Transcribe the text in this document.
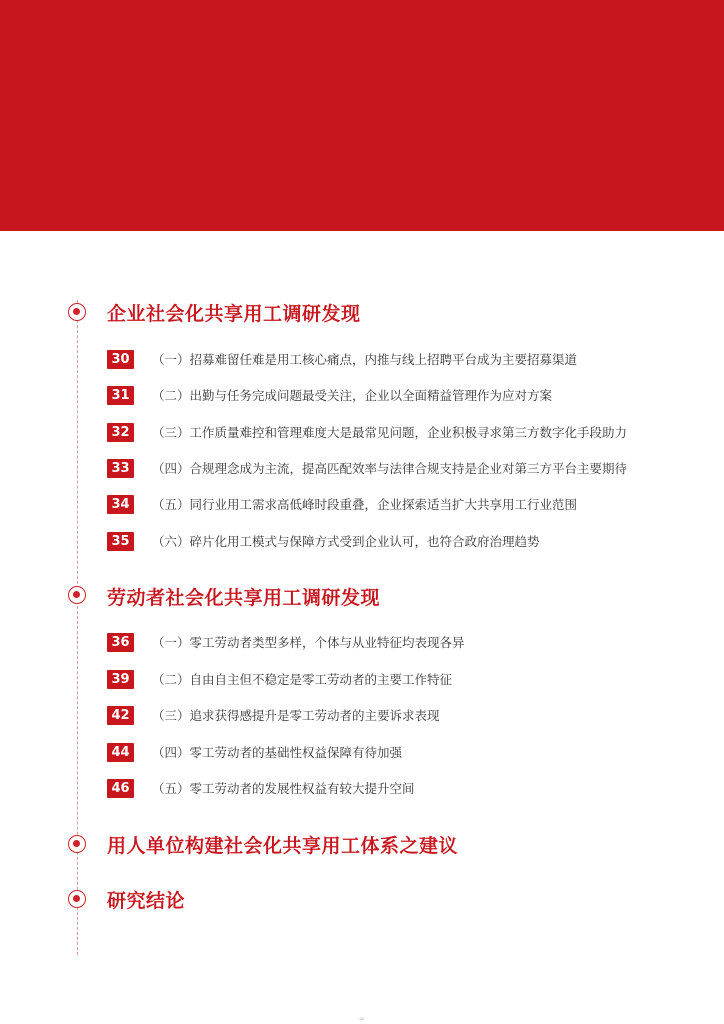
企业社会化共享用工调研发现
30	（一）招募难留任难是用工核心痛点，内推与线上招聘平台成为主要招募渠道
31	（二）出勤与任务完成问题最受关注，企业以全面精益管理作为应对方案
32	（三）工作质量难控和管理难度大是最常见问题，企业积极寻求第三方数字化手段助力
33	（四）合规理念成为主流，提高匹配效率与法律合规支持是企业对第三方平台主要期待
34	（五）同行业用工需求高低峰时段重叠，企业探索适当扩大共享用工行业范围
35	（六）碎片化用工模式与保障方式受到企业认可，也符合政府治理趋势
劳动者社会化共享用工调研发现
36	（一）零工劳动者类型多样，个体与从业特征均表现各异
39	（二）自由自主但不稳定是零工劳动者的主要工作特征
42	（三）追求获得感提升是零工劳动者的主要诉求表现
44	（四）零工劳动者的基础性权益保障有待加强
46	（五）零工劳动者的发展性权益有较大提升空间
用人单位构建社会化共享用工体系之建议
研究结论
∞
